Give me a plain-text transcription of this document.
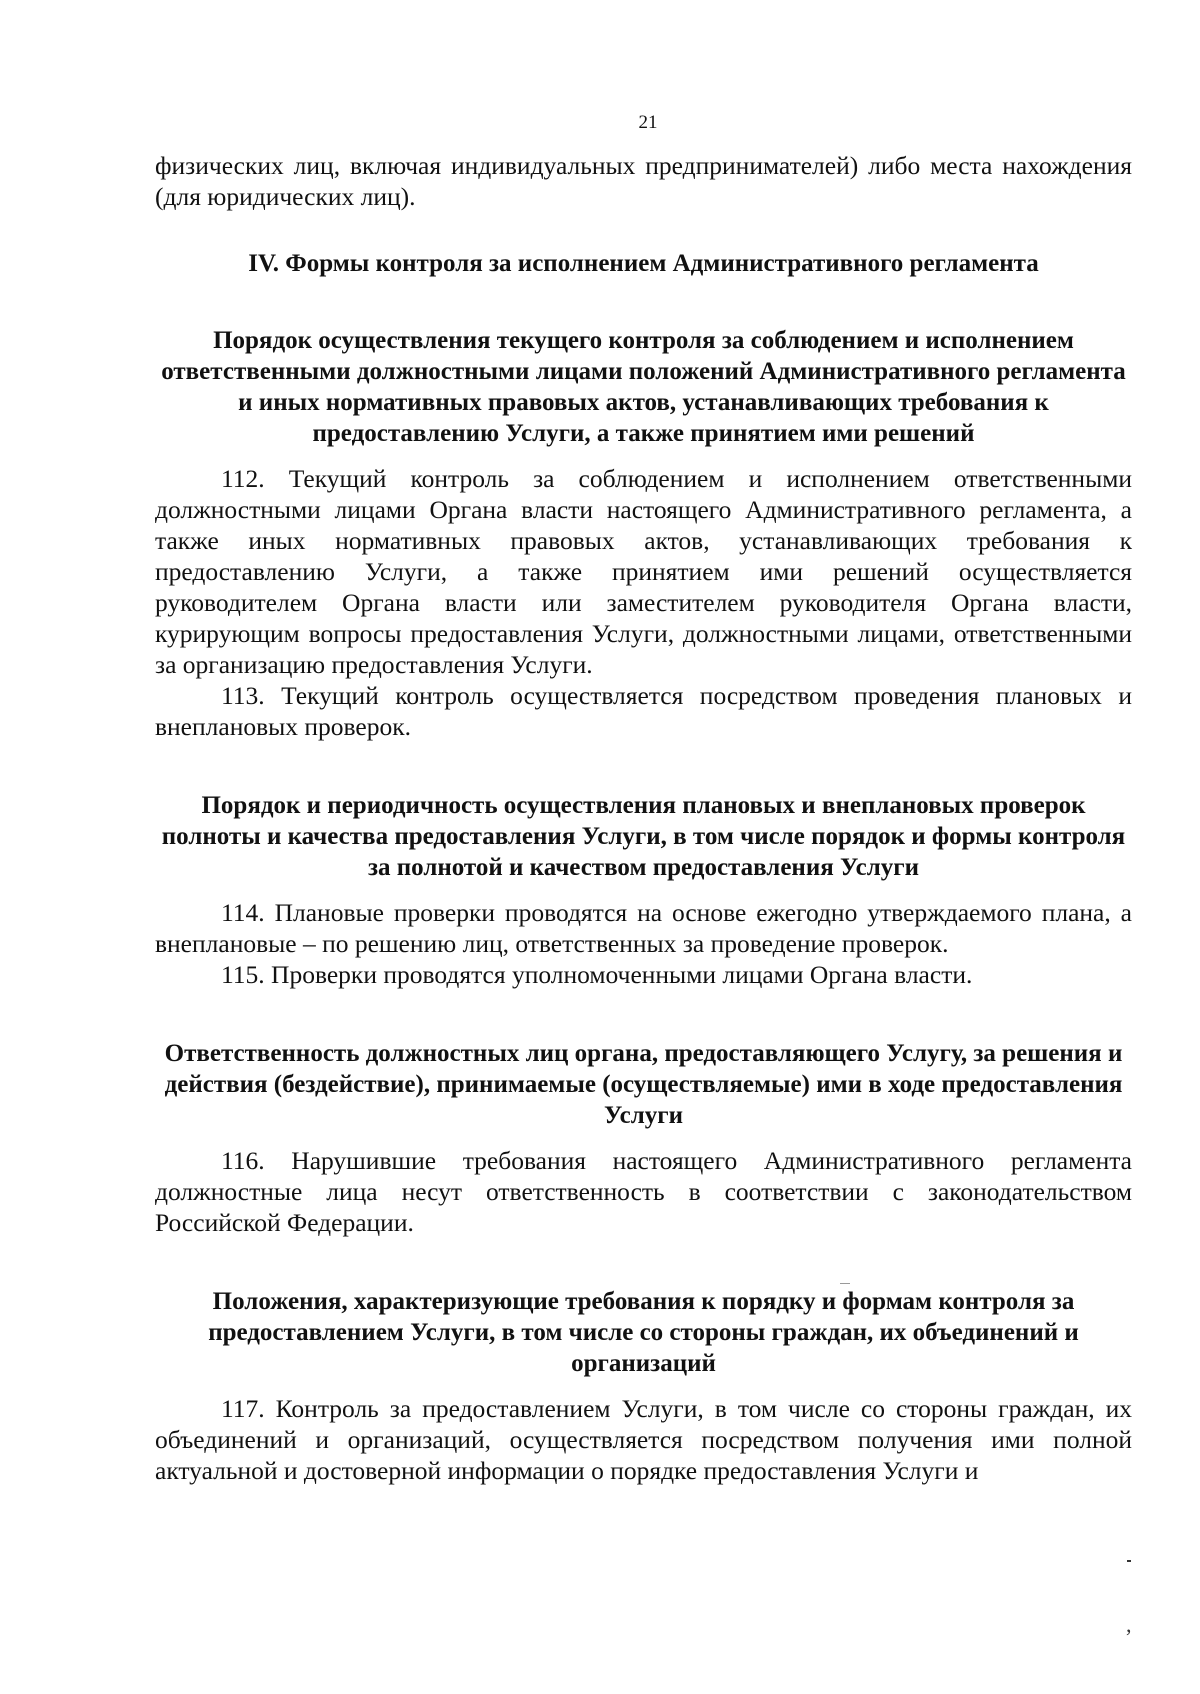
21

физических лиц, включая индивидуальных предпринимателей) либо места нахождения (для юридических лиц).

IV. Формы контроля за исполнением Административного регламента

Порядок осуществления текущего контроля за соблюдением и исполнением ответственными должностными лицами положений Административного регламента и иных нормативных правовых актов, устанавливающих требования к предоставлению Услуги, а также принятием ими решений

112. Текущий контроль за соблюдением и исполнением ответственными должностными лицами Органа власти настоящего Административного регламента, а также иных нормативных правовых актов, устанавливающих требования к предоставлению Услуги, а также принятием ими решений осуществляется руководителем Органа власти или заместителем руководителя Органа власти, курирующим вопросы предоставления Услуги, должностными лицами, ответственными за организацию предоставления Услуги.

113. Текущий контроль осуществляется посредством проведения плановых и внеплановых проверок.

Порядок и периодичность осуществления плановых и внеплановых проверок полноты и качества предоставления Услуги, в том числе порядок и формы контроля за полнотой и качеством предоставления Услуги

114. Плановые проверки проводятся на основе ежегодно утверждаемого плана, а внеплановые – по решению лиц, ответственных за проведение проверок.

115. Проверки проводятся уполномоченными лицами Органа власти.

Ответственность должностных лиц органа, предоставляющего Услугу, за решения и действия (бездействие), принимаемые (осуществляемые) ими в ходе предоставления Услуги

116. Нарушившие требования настоящего Административного регламента должностные лица несут ответственность в соответствии с законодательством Российской Федерации.

Положения, характеризующие требования к порядку и формам контроля за предоставлением Услуги, в том числе со стороны граждан, их объединений и организаций

117. Контроль за предоставлением Услуги, в том числе со стороны граждан, их объединений и организаций, осуществляется посредством получения ими полной актуальной и достоверной информации о порядке предоставления Услуги и

,
